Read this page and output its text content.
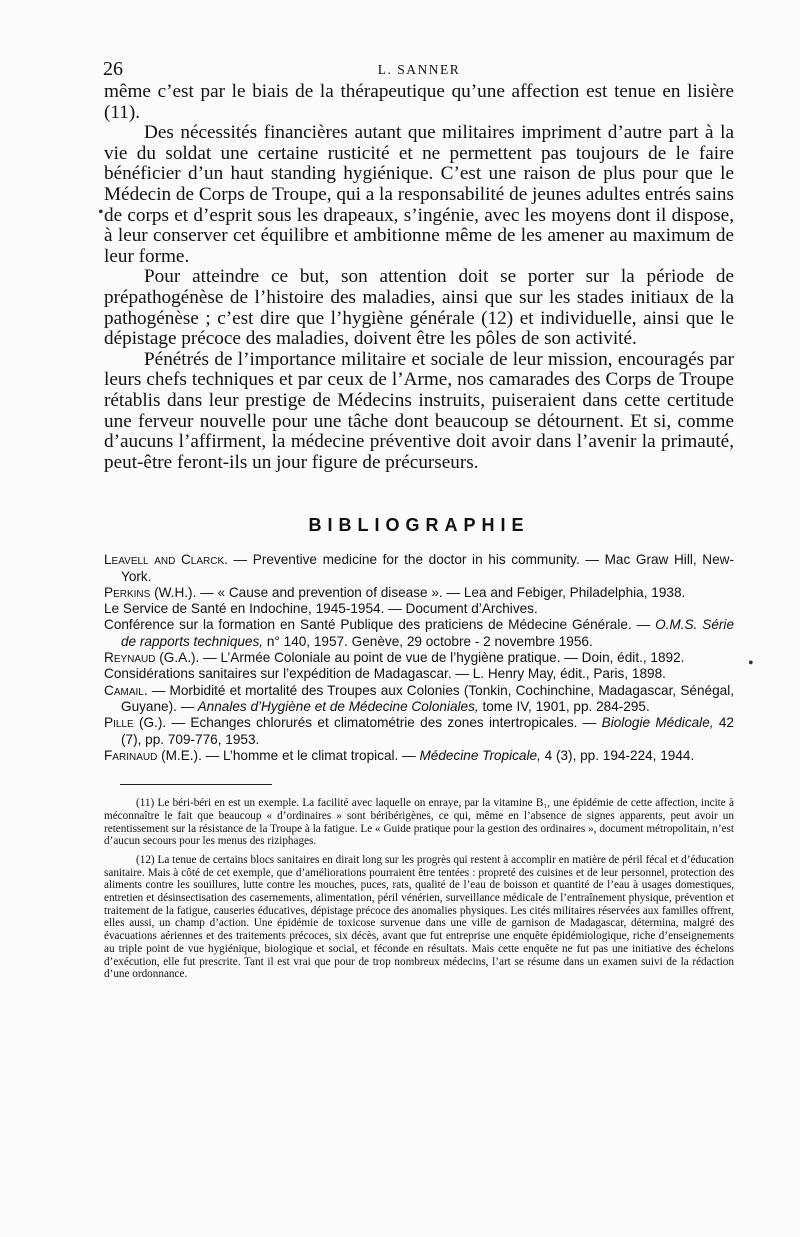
26	L. SANNER

même c’est par le biais de la thérapeutique qu’une affection est tenue en lisière (11).

Des nécessités financières autant que militaires impriment d’autre part à la vie du soldat une certaine rusticité et ne permettent pas toujours de le faire bénéficier d’un haut standing hygiénique. C’est une raison de plus pour que le Médecin de Corps de Troupe, qui a la responsabilité de jeunes adultes entrés sains de corps et d’esprit sous les drapeaux, s’ingénie, avec les moyens dont il dispose, à leur conserver cet équilibre et ambitionne même de les amener au maximum de leur forme.

Pour atteindre ce but, son attention doit se porter sur la période de prépathogénèse de l’histoire des maladies, ainsi que sur les stades initiaux de la pathogénèse ; c’est dire que l’hygiène générale (12) et individuelle, ainsi que le dépistage précoce des maladies, doivent être les pôles de son activité.

Pénétrés de l’importance militaire et sociale de leur mission, encouragés par leurs chefs techniques et par ceux de l’Arme, nos camarades des Corps de Troupe rétablis dans leur prestige de Médecins instruits, puiseraient dans cette certitude une ferveur nouvelle pour une tâche dont beaucoup se détournent. Et si, comme d’aucuns l’affirment, la médecine préventive doit avoir dans l’avenir la primauté, peut-être feront-ils un jour figure de précurseurs.

BIBLIOGRAPHIE

Leavell and Clarck. — Preventive medicine for the doctor in his community. — Mac Graw Hill, New-York.

Perkins (W.H.). — « Cause and prevention of disease ». — Lea and Febiger, Philadelphia, 1938.

Le Service de Santé en Indochine, 1945-1954. — Document d’Archives.

Conférence sur la formation en Santé Publique des praticiens de Médecine Générale. — O.M.S. Série de rapports techniques, n° 140, 1957. Genève, 29 octobre - 2 novembre 1956.

Reynaud (G.A.). — L’Armée Coloniale au point de vue de l’hygiène pratique. — Doin, édit., 1892.

Considérations sanitaires sur l’expédition de Madagascar. — L. Henry May, édit., Paris, 1898.

Camail. — Morbidité et mortalité des Troupes aux Colonies (Tonkin, Cochinchine, Madagascar, Sénégal, Guyane). — Annales d’Hygiène et de Médecine Coloniales, tome IV, 1901, pp. 284-295.

Pille (G.). — Echanges chlorurés et climatométrie des zones intertropicales. — Biologie Médicale, 42 (7), pp. 709-776, 1953.

Farinaud (M.E.). — L’homme et le climat tropical. — Médecine Tropicale, 4 (3), pp. 194-224, 1944.

(11) Le béri-béri en est un exemple. La facilité avec laquelle on enraye, par la vitamine B₁, une épidémie de cette affection, incite à méconnaître le fait que beaucoup « d’ordinaires » sont béribérigènes, ce qui, même en l’absence de signes apparents, peut avoir un retentissement sur la résistance de la Troupe à la fatigue. Le « Guide pratique pour la gestion des ordinaires », document métropolitain, n’est d’aucun secours pour les menus des riziphages.

(12) La tenue de certains blocs sanitaires en dirait long sur les progrès qui restent à accomplir en matière de péril fécal et d’éducation sanitaire. Mais à côté de cet exemple, que d’améliorations pourraient être tentées : propreté des cuisines et de leur personnel, protection des aliments contre les souillures, lutte contre les mouches, puces, rats, qualité de l’eau de boisson et quantité de l’eau à usages domestiques, entretien et désinsectisation des casernements, alimentation, péril vénérien, surveillance médicale de l’entraînement physique, prévention et traitement de la fatigue, causeries éducatives, dépistage précoce des anomalies physiques. Les cités militaires réservées aux familles offrent, elles aussi, un champ d’action. Une épidémie de toxicose survenue dans une ville de garnison de Madagascar, détermina, malgré des évacuations aériennes et des traitements précoces, six décès, avant que fut entreprise une enquête épidémiologique, riche d’enseignements au triple point de vue hygiénique, biologique et social, et féconde en résultats. Mais cette enquête ne fut pas une initiative des échelons d’exécution, elle fut prescrite. Tant il est vrai que pour de trop nombreux médecins, l’art se résume dans un examen suivi de la rédaction d’une ordonnance.

•
•
